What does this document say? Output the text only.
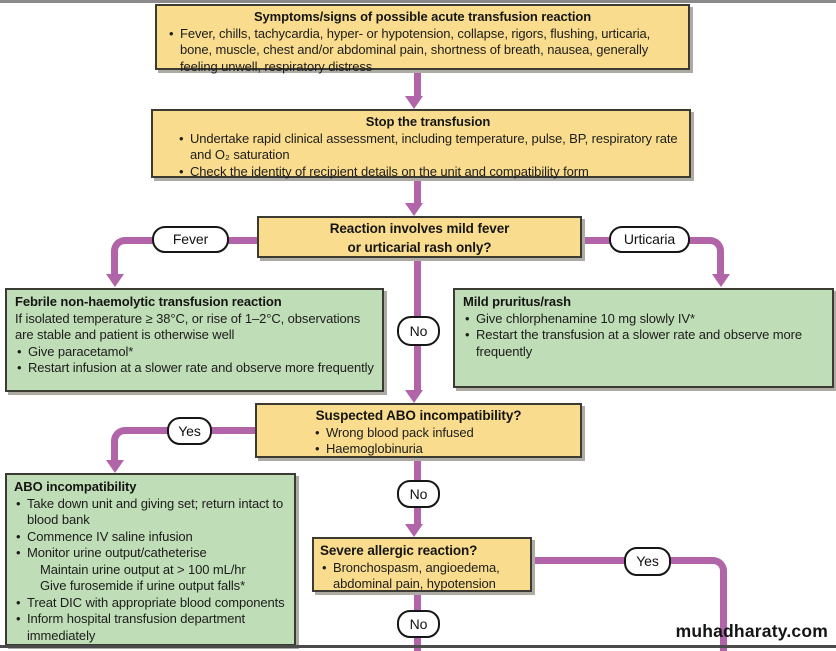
Symptoms/signs of possible acute transfusion reaction
• Fever, chills, tachycardia, hyper- or hypotension, collapse, rigors, flushing, urticaria, bone, muscle, chest and/or abdominal pain, shortness of breath, nausea, generally feeling unwell, respiratory distress
Stop the transfusion
• Undertake rapid clinical assessment, including temperature, pulse, BP, respiratory rate and O₂ saturation
• Check the identity of recipient details on the unit and compatibility form
Reaction involves mild fever
or urticarial rash only?
Febrile non-haemolytic transfusion reaction
If isolated temperature ≥ 38°C, or rise of 1–2°C, observations are stable and patient is otherwise well
• Give paracetamol*
• Restart infusion at a slower rate and observe more frequently
Mild pruritus/rash
• Give chlorphenamine 10 mg slowly IV*
• Restart the transfusion at a slower rate and observe more frequently
Suspected ABO incompatibility?
• Wrong blood pack infused
• Haemoglobinuria
ABO incompatibility
• Take down unit and giving set; return intact to blood bank
• Commence IV saline infusion
• Monitor urine output/catheterise
Maintain urine output at > 100 mL/hr
Give furosemide if urine output falls*
• Treat DIC with appropriate blood components
• Inform hospital transfusion department immediately
Severe allergic reaction?
• Bronchospasm, angioedema, abdominal pain, hypotension
Fever	Urticaria
No
Yes
No
Yes
No	muhadharaty.com
